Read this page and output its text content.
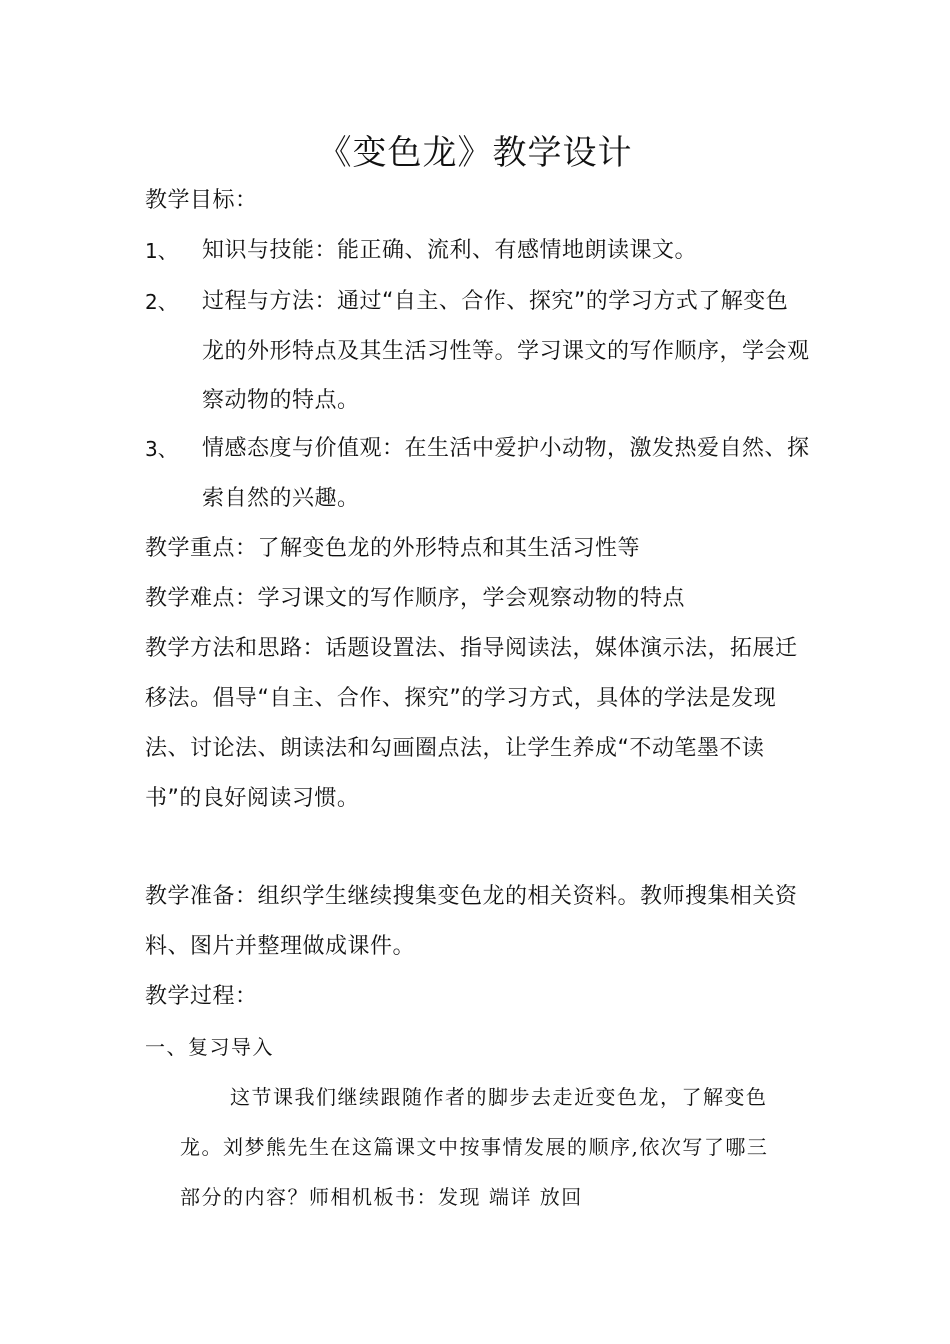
《变色龙》教学设计
教学目标：
1、 知识与技能：能正确、流利、有感情地朗读课文。
2、 过程与方法：通过“自主、合作、探究”的学习方式了解变色
龙的外形特点及其生活习性等。学习课文的写作顺序，学会观
察动物的特点。
3、 情感态度与价值观：在生活中爱护小动物，激发热爱自然、探
索自然的兴趣。
教学重点：了解变色龙的外形特点和其生活习性等
教学难点：学习课文的写作顺序，学会观察动物的特点
教学方法和思路：话题设置法、指导阅读法，媒体演示法，拓展迁
移法。倡导“自主、合作、探究”的学习方式，具体的学法是发现
法、讨论法、朗读法和勾画圈点法，让学生养成“不动笔墨不读
书”的良好阅读习惯。
教学准备：组织学生继续搜集变色龙的相关资料。教师搜集相关资
料、图片并整理做成课件。
教学过程：
一、复习导入
这节课我们继续跟随作者的脚步去走近变色龙，了解变色
龙。刘梦熊先生在这篇课文中按事情发展的顺序,依次写了哪三
部分的内容？师相机板书：发现 端详 放回
